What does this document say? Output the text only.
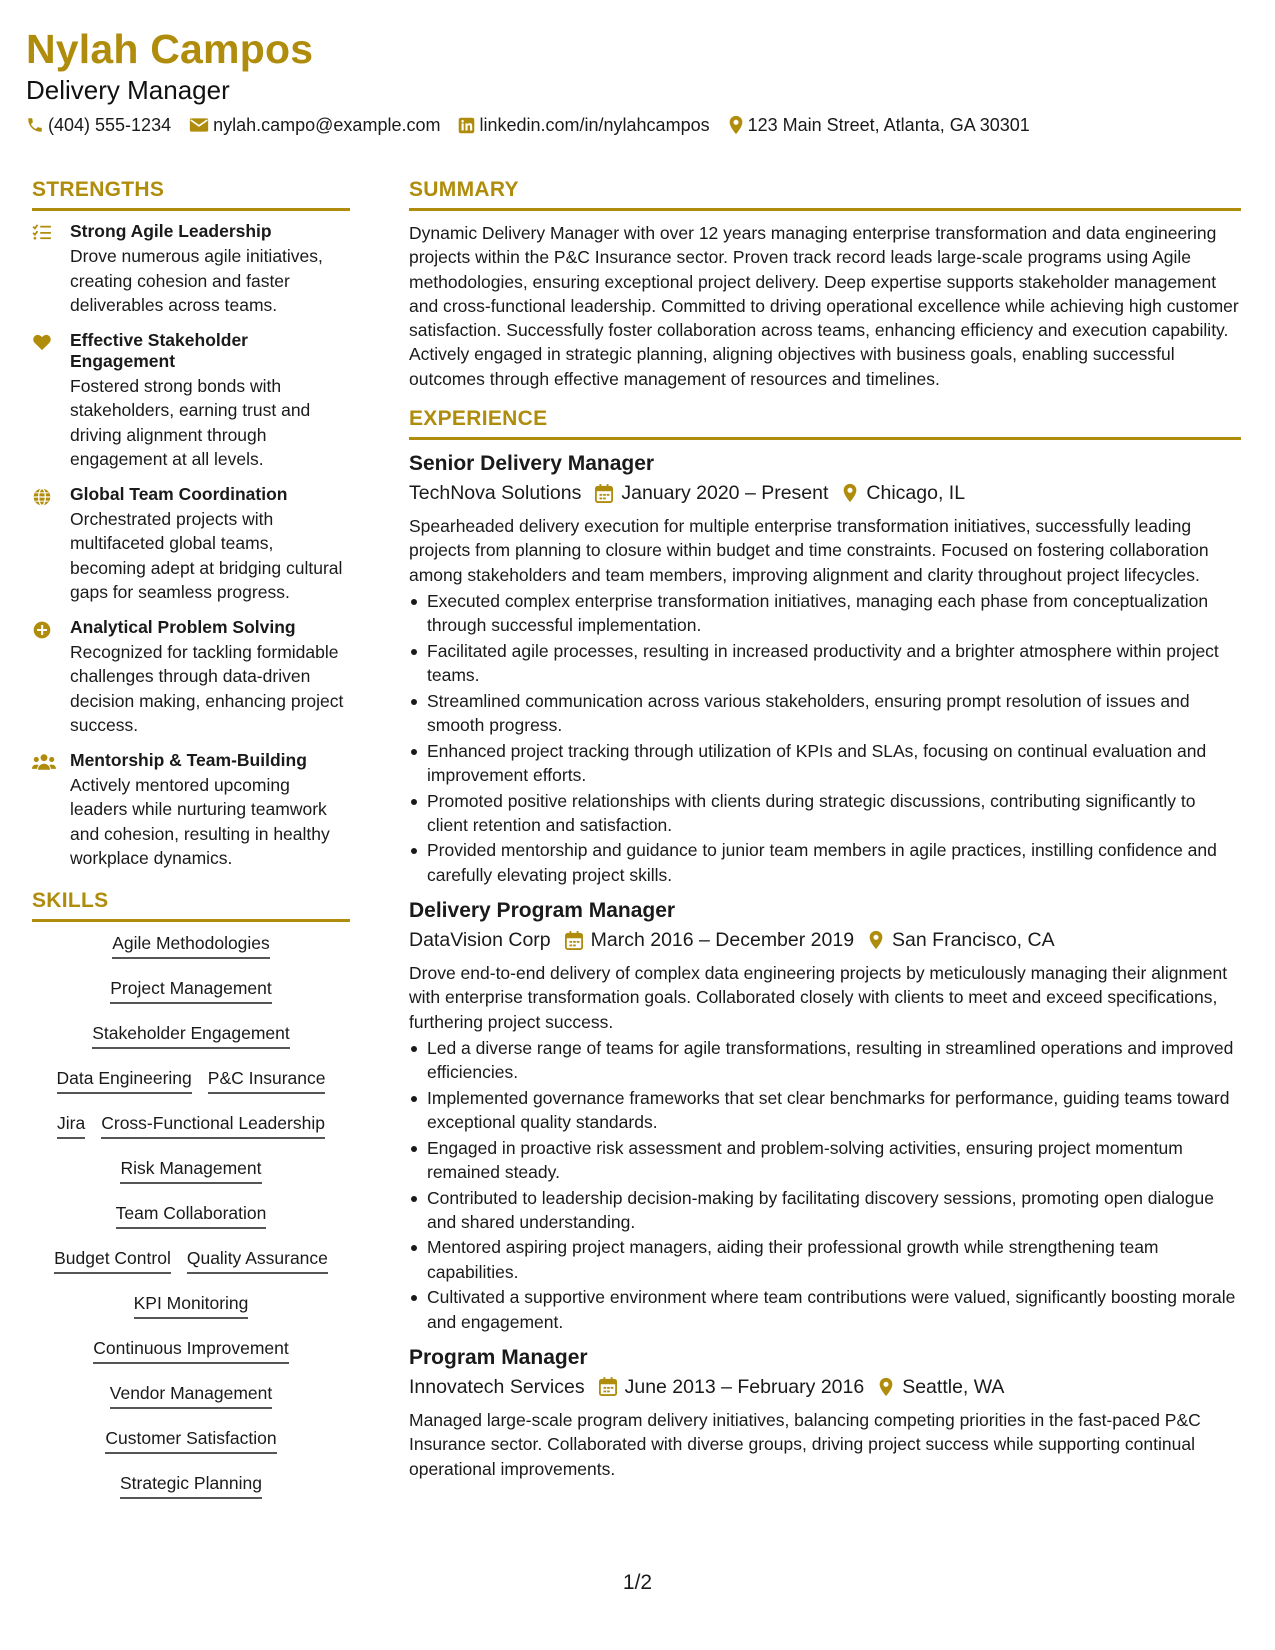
Nylah Campos
Delivery Manager
(404) 555-1234 nylah.campo@example.com linkedin.com/in/nylahcampos 123 Main Street, Atlanta, GA 30301
STRENGTHS
Strong Agile Leadership
Drove numerous agile initiatives, creating cohesion and faster deliverables across teams.
Effective Stakeholder Engagement
Fostered strong bonds with stakeholders, earning trust and driving alignment through engagement at all levels.
Global Team Coordination
Orchestrated projects with multifaceted global teams, becoming adept at bridging cultural gaps for seamless progress.
Analytical Problem Solving
Recognized for tackling formidable challenges through data-driven decision making, enhancing project success.
Mentorship & Team-Building
Actively mentored upcoming leaders while nurturing teamwork and cohesion, resulting in healthy workplace dynamics.
SKILLS
Agile Methodologies
Project Management
Stakeholder Engagement
Data Engineering P&C Insurance
Jira Cross-Functional Leadership
Risk Management
Team Collaboration
Budget Control Quality Assurance
KPI Monitoring
Continuous Improvement
Vendor Management
Customer Satisfaction
Strategic Planning
SUMMARY
Dynamic Delivery Manager with over 12 years managing enterprise transformation and data engineering projects within the P&C Insurance sector. Proven track record leads large-scale programs using Agile methodologies, ensuring exceptional project delivery. Deep expertise supports stakeholder management and cross-functional leadership. Committed to driving operational excellence while achieving high customer satisfaction. Successfully foster collaboration across teams, enhancing efficiency and execution capability. Actively engaged in strategic planning, aligning objectives with business goals, enabling successful outcomes through effective management of resources and timelines.
EXPERIENCE
Senior Delivery Manager
TechNova Solutions January 2020 – Present Chicago, IL
Spearheaded delivery execution for multiple enterprise transformation initiatives, successfully leading projects from planning to closure within budget and time constraints. Focused on fostering collaboration among stakeholders and team members, improving alignment and clarity throughout project lifecycles.
Executed complex enterprise transformation initiatives, managing each phase from conceptualization through successful implementation.
Facilitated agile processes, resulting in increased productivity and a brighter atmosphere within project teams.
Streamlined communication across various stakeholders, ensuring prompt resolution of issues and smooth progress.
Enhanced project tracking through utilization of KPIs and SLAs, focusing on continual evaluation and improvement efforts.
Promoted positive relationships with clients during strategic discussions, contributing significantly to client retention and satisfaction.
Provided mentorship and guidance to junior team members in agile practices, instilling confidence and carefully elevating project skills.
Delivery Program Manager
DataVision Corp March 2016 – December 2019 San Francisco, CA
Drove end-to-end delivery of complex data engineering projects by meticulously managing their alignment with enterprise transformation goals. Collaborated closely with clients to meet and exceed specifications, furthering project success.
Led a diverse range of teams for agile transformations, resulting in streamlined operations and improved efficiencies.
Implemented governance frameworks that set clear benchmarks for performance, guiding teams toward exceptional quality standards.
Engaged in proactive risk assessment and problem-solving activities, ensuring project momentum remained steady.
Contributed to leadership decision-making by facilitating discovery sessions, promoting open dialogue and shared understanding.
Mentored aspiring project managers, aiding their professional growth while strengthening team capabilities.
Cultivated a supportive environment where team contributions were valued, significantly boosting morale and engagement.
Program Manager
Innovatech Services June 2013 – February 2016 Seattle, WA
Managed large-scale program delivery initiatives, balancing competing priorities in the fast-paced P&C Insurance sector. Collaborated with diverse groups, driving project success while supporting continual operational improvements.
1/2
